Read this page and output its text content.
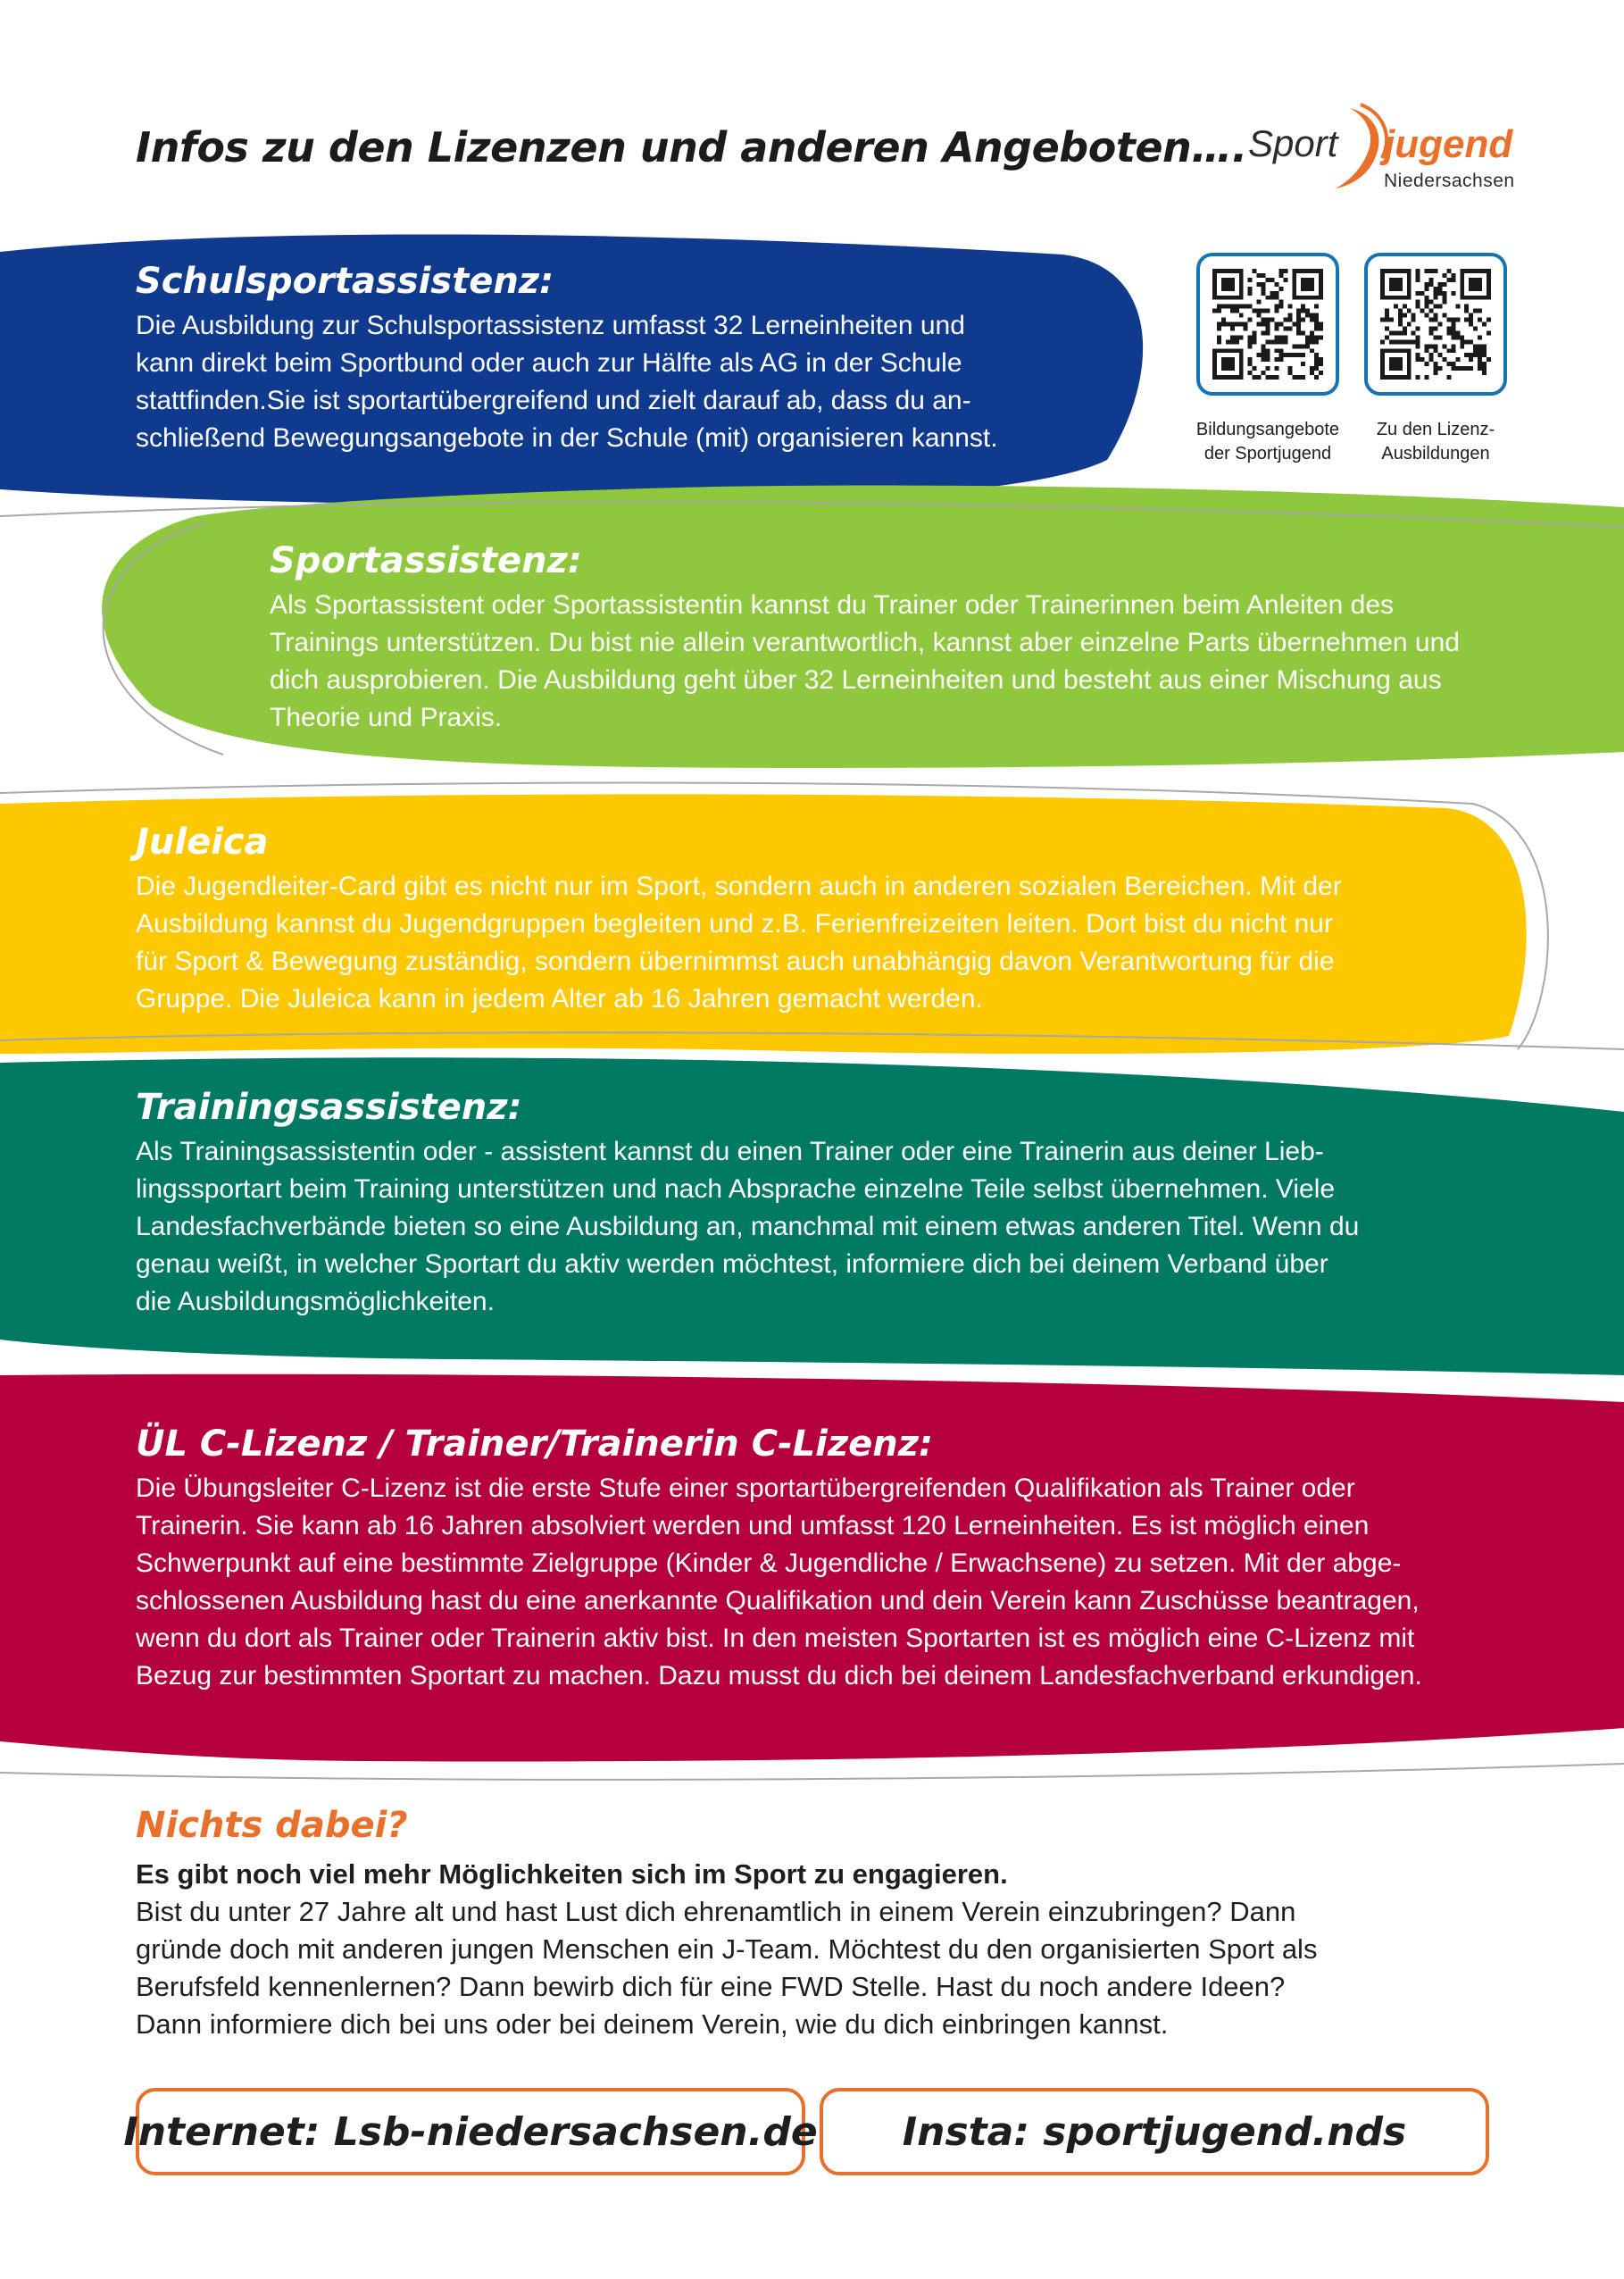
Infos zu den Lizenzen und anderen Angeboten…. Sport jugend
Niedersachsen
Bildungsangebote
der Sportjugend
Zu den Lizenz-
Ausbildungen
Schulsportassistenz:

Die Ausbildung zur Schulsportassistenz umfasst 32 Lerneinheiten und

kann direkt beim Sportbund oder auch zur Hälfte als AG in der Schule

stattfinden.Sie ist sportartübergreifend und zielt darauf ab, dass du an-

schließend Bewegungsangebote in der Schule (mit) organisieren kannst.

Sportassistenz:

Als Sportassistent oder Sportassistentin kannst du Trainer oder Trainerinnen beim Anleiten des

Trainings unterstützen. Du bist nie allein verantwortlich, kannst aber einzelne Parts übernehmen und

dich ausprobieren. Die Ausbildung geht über 32 Lerneinheiten und besteht aus einer Mischung aus

Theorie und Praxis.

Juleica

Die Jugendleiter-Card gibt es nicht nur im Sport, sondern auch in anderen sozialen Bereichen. Mit der

Ausbildung kannst du Jugendgruppen begleiten und z.B. Ferienfreizeiten leiten. Dort bist du nicht nur

für Sport & Bewegung zuständig, sondern übernimmst auch unabhängig davon Verantwortung für die

Gruppe. Die Juleica kann in jedem Alter ab 16 Jahren gemacht werden.

Trainingsassistenz:

Als Trainingsassistentin oder - assistent kannst du einen Trainer oder eine Trainerin aus deiner Lieb-

lingssportart beim Training unterstützen und nach Absprache einzelne Teile selbst übernehmen. Viele

Landesfachverbände bieten so eine Ausbildung an, manchmal mit einem etwas anderen Titel. Wenn du

genau weißt, in welcher Sportart du aktiv werden möchtest, informiere dich bei deinem Verband über

die Ausbildungsmöglichkeiten.

ÜL C-Lizenz / Trainer/Trainerin C-Lizenz:

Die Übungsleiter C-Lizenz ist die erste Stufe einer sportartübergreifenden Qualifikation als Trainer oder

Trainerin. Sie kann ab 16 Jahren absolviert werden und umfasst 120 Lerneinheiten. Es ist möglich einen

Schwerpunkt auf eine bestimmte Zielgruppe (Kinder & Jugendliche / Erwachsene) zu setzen. Mit der abge-

schlossenen Ausbildung hast du eine anerkannte Qualifikation und dein Verein kann Zuschüsse beantragen,

wenn du dort als Trainer oder Trainerin aktiv bist. In den meisten Sportarten ist es möglich eine C-Lizenz mit

Bezug zur bestimmten Sportart zu machen. Dazu musst du dich bei deinem Landesfachverband erkundigen.

Nichts dabei?

Es gibt noch viel mehr Möglichkeiten sich im Sport zu engagieren.

Bist du unter 27 Jahre alt und hast Lust dich ehrenamtlich in einem Verein einzubringen? Dann

gründe doch mit anderen jungen Menschen ein J-Team. Möchtest du den organisierten Sport als

Berufsfeld kennenlernen? Dann bewirb dich für eine FWD Stelle. Hast du noch andere Ideen?

Dann informiere dich bei uns oder bei deinem Verein, wie du dich einbringen kannst.

Internet: Lsb-niedersachsen.de	Insta: sportjugend.nds
